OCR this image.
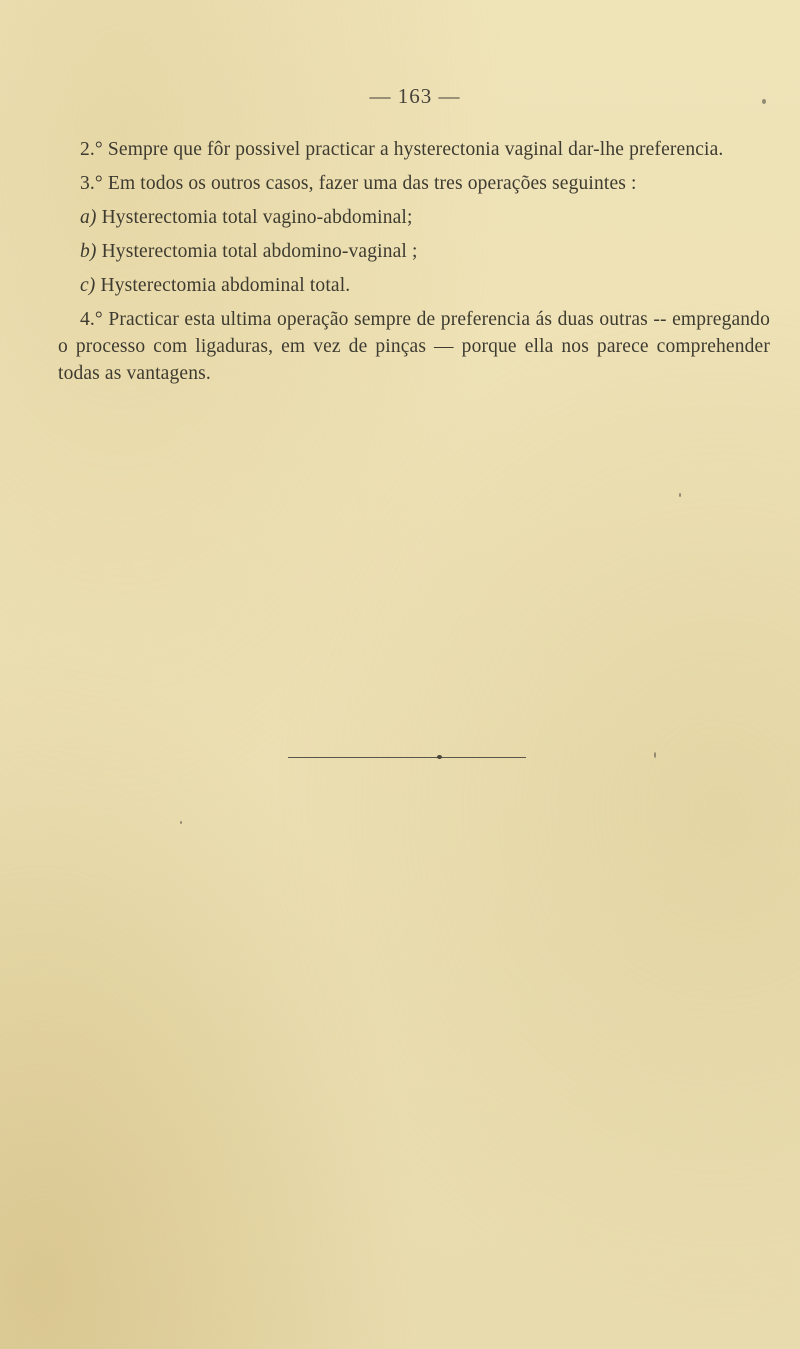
— 163 —

2.° Sempre que fôr possivel practicar a hysterectonia vaginal dar-lhe preferencia.

3.° Em todos os outros casos, fazer uma das tres operações seguintes :

a) Hysterectomia total vagino-abdominal;

b) Hysterectomia total abdomino-vaginal ;

c) Hysterectomia abdominal total.

4.° Practicar esta ultima operação sempre de preferencia ás duas outras -- empregando o processo com ligaduras, em vez de pinças — porque ella nos parece comprehender todas as vantagens.
